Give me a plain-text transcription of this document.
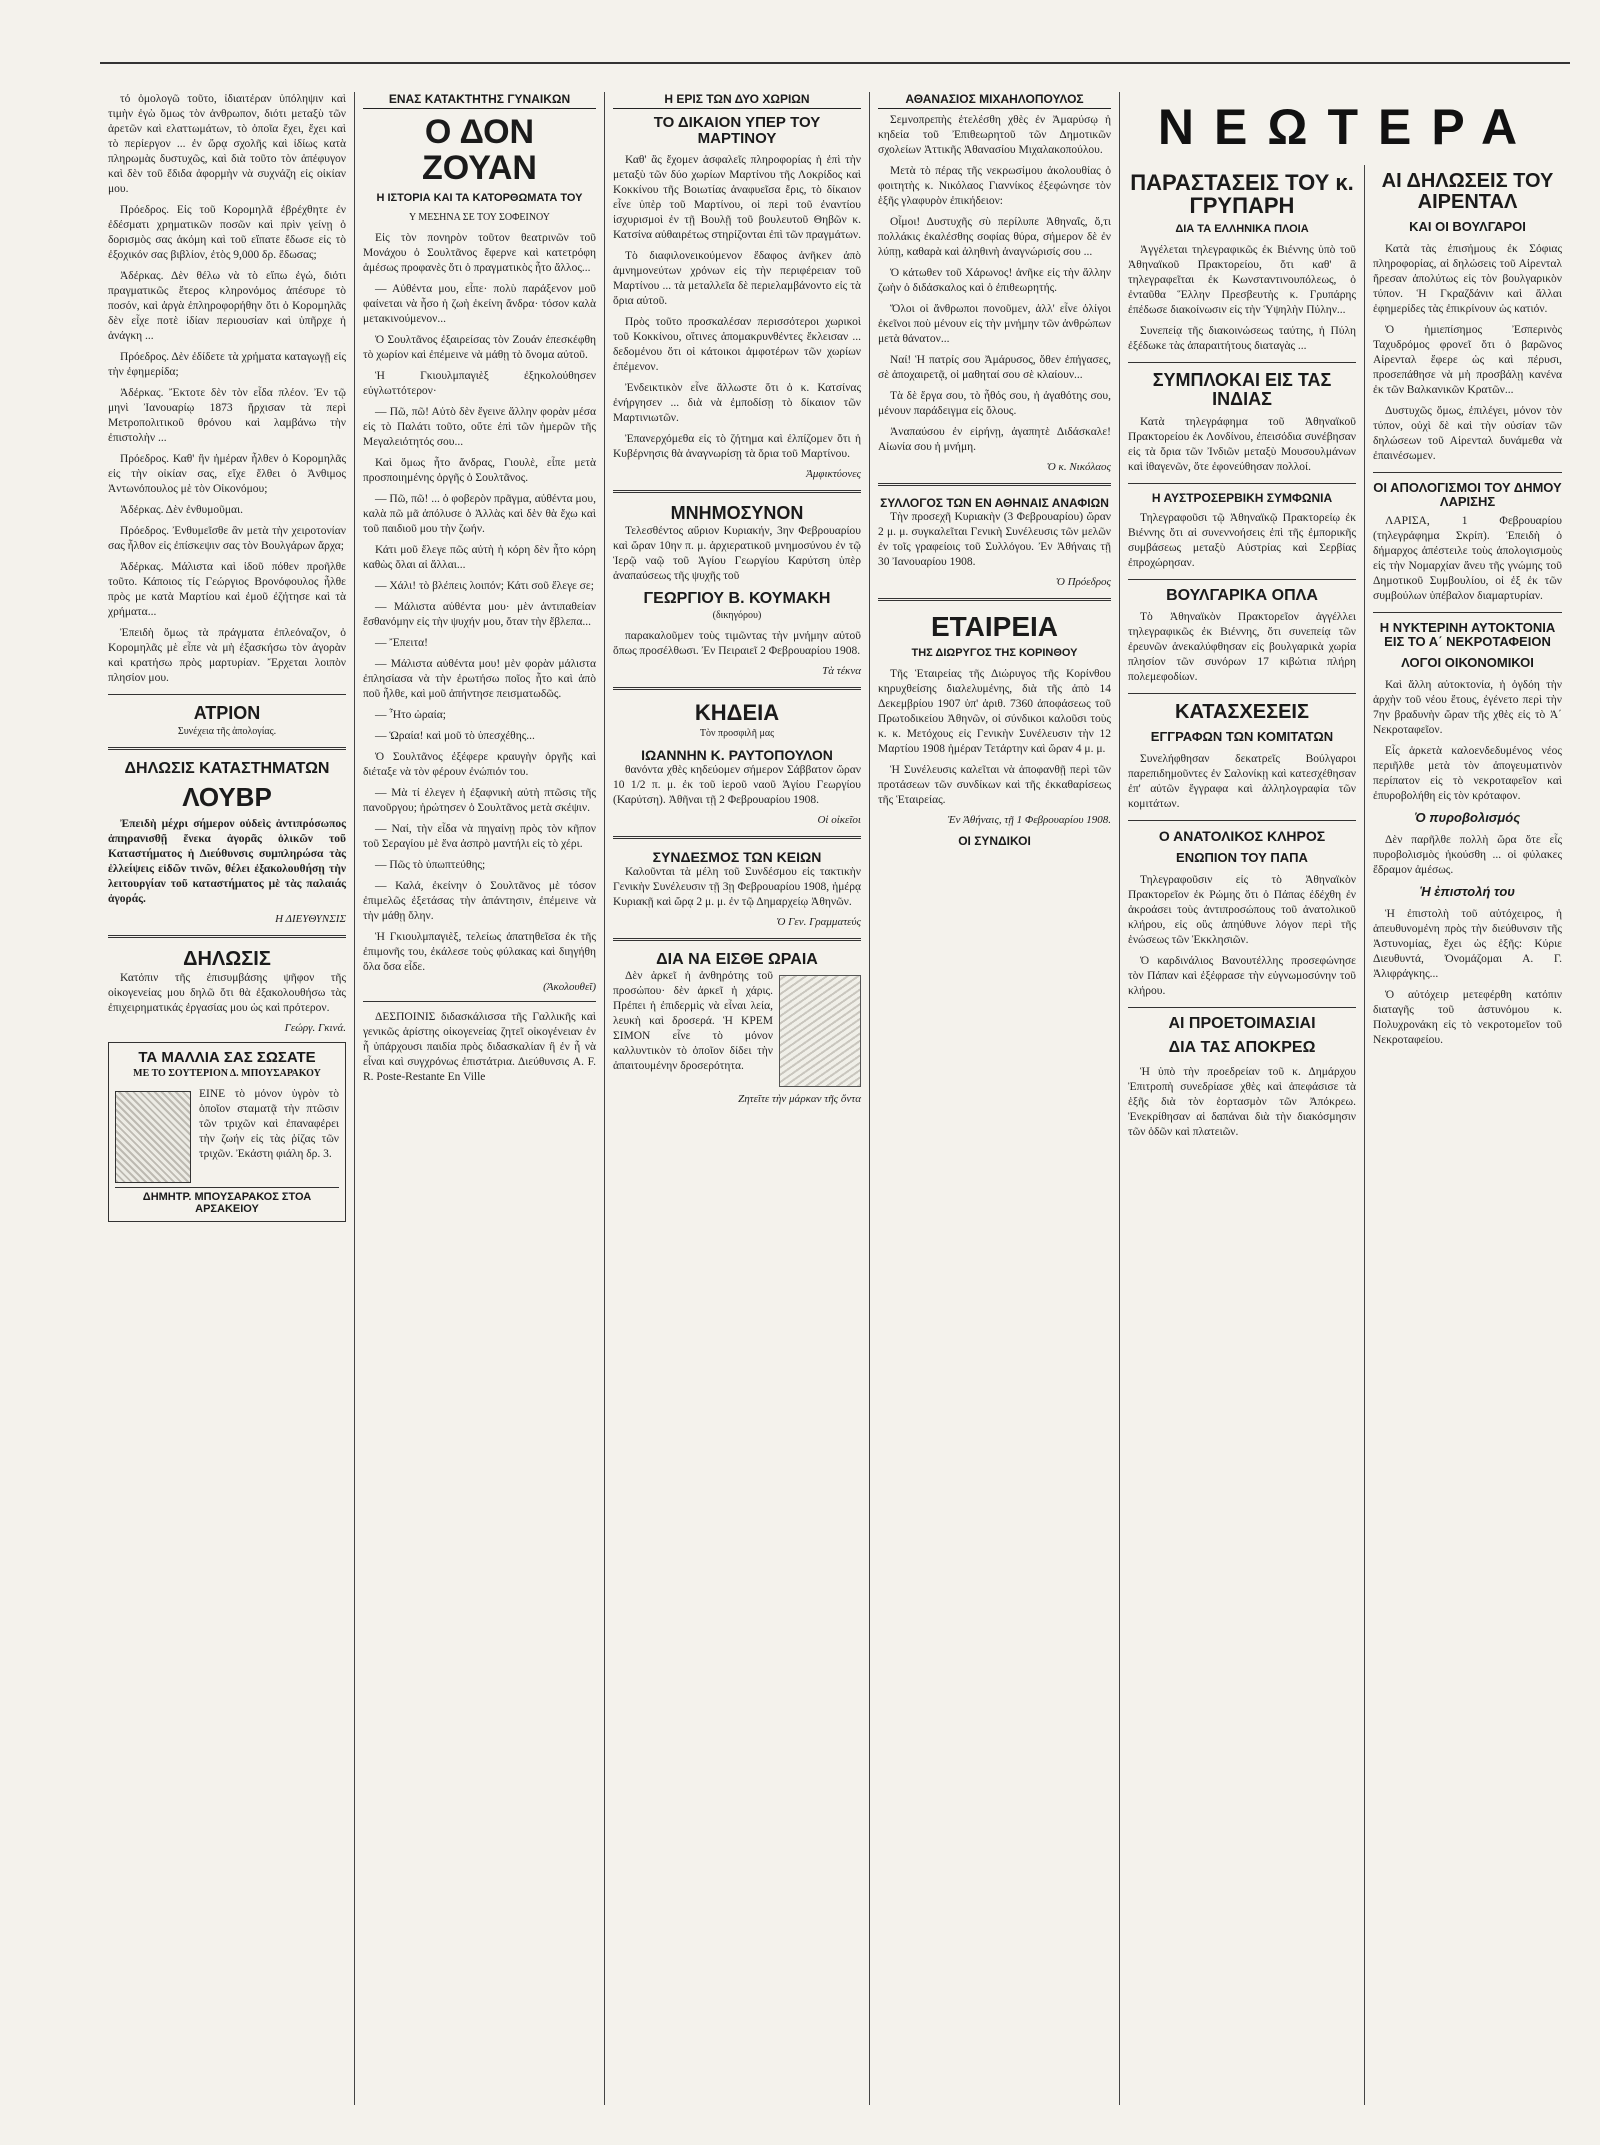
τό ὁμολογῶ τοῦτο, ἰδιαιτέραν ὑπόληψιν καὶ τιμὴν ἐγὼ ὅμως τὸν ἀνθρωπον, διότι μεταξὺ τῶν ἀρετῶν καὶ ελαττωμάτων, τὸ ὁποῖα ἔχει, ἔχει καὶ τὸ περίεργον ... ἐν ὥρᾳ σχολῆς καὶ ἰδίως κατὰ πληρωμὰς δυστυχῶς, καὶ διὰ τοῦτο τὸν ἀπέφυγον καὶ δὲν τοῦ ἔδιδα ἀφορμὴν νὰ συχνάζη εἰς οἰκίαν μου.

Πρόεδρος. Εἰς τοῦ Κορομηλᾶ ἐβρέχθητε ἐν ἐδέσματι χρηματικῶν ποσῶν καὶ πρὶν γείνῃ ὁ δορισμὸς σας ἀκόμη καὶ τοῦ εἴπατε ἔδωσε εἰς τὸ ἐξοχικόν σας βιβλίον, ἐτὸς 9,000 δρ. ἔδωσας;

Ἀδέρκας. Δὲν θέλω νὰ τὸ εἴπω ἐγώ, διότι πραγματικῶς ἔτερος κληρονόμος ἀπέσυρε τὸ ποσόν, καὶ ἀργὰ ἐπληροφορήθην ὅτι ὁ Κορομηλᾶς δὲν εἶχε ποτὲ ἰδίαν περιουσίαν καὶ ὑπῆρχε ἡ ἀνάγκη ...

Πρόεδρος. Δὲν ἐδίδετε τὰ χρήματα καταγωγῇ εἰς τὴν ἐφημερίδα;

Ἀδέρκας. Ἔκτοτε δὲν τὸν εἶδα πλέον. Ἐν τῷ μηνὶ Ἰανουαρίῳ 1873 ἤρχισαν τὰ περὶ Μετροπολιτικοῦ θρόνου καὶ λαμβάνω τὴν ἐπιστολὴν ...

Πρόεδρος. Καθ' ἣν ἡμέραν ἦλθεν ὁ Κορομηλᾶς εἰς τὴν οἰκίαν σας, εἴχε ἔλθει ὁ Ἀνθιμος Ἀντωνόπουλος μὲ τὸν Οἰκονόμου;

Ἀδέρκας. Δὲν ἐνθυμοῦμαι.

Πρόεδρος. Ἐνθυμεῖσθε ἂν μετὰ τὴν χειροτονίαν σας ἦλθον εἰς ἐπίσκεψιν σας τὸν Βουλγάρων ἄρχα;

Ἀδέρκας. Μάλιστα καὶ ἰδοῦ πόθεν προῆλθε τοῦτο. Κάποιος τίς Γεώργιος Βρονόφουλος ἦλθε πρὸς με κατὰ Μαρτίου καὶ ἐμοῦ ἐζήτησε καὶ τὰ χρήματα...

Ἐπειδὴ ὅμως τὰ πράγματα ἐπλεόναζον, ὁ Κορομηλᾶς μὲ εἶπε νὰ μὴ ἐξασκήσω τὸν ἀγορὰν καὶ κρατήσω πρὸς μαρτυρίαν. Ἔρχεται λοιπὸν πλησίον μου.

ΑΤΡΙΟΝ
Συνέχεια τῆς ἀπολογίας.
ΔΗΛΩΣΙΣ ΚΑΤΑΣΤΗΜΑΤΩΝ
ΛΟΥΒΡ

Ἐπειδὴ μέχρι σήμερον οὐδεὶς ἀντιπρόσωπος ἀπηρανισθῇ ἕνεκα ἀγορᾶς ὁλικῶν τοῦ Καταστήματος ἡ Διεύθυνσις συμπληρώσα τὰς ἐλλείψεις εἰδῶν τινῶν, θέλει ἐξακολουθήσῃ τὴν λειτουργίαν τοῦ καταστήματος μὲ τὰς παλαιάς ἀγοράς.

Η ΔΙΕΥΘΥΝΣΙΣ
ΔΗΛΩΣΙΣ

Κατόπιν τῆς ἐπισυμβάσης ψῆφον τῆς οἰκογενείας μου δηλῶ ὅτι θὰ ἐξακολουθήσω τὰς ἐπιχειρηματικάς ἐργασίας μου ὡς καὶ πρότερον.

Γεώργ. Γκινά.
ΤΑ ΜΑΛΛΙΑ ΣΑΣ ΣΩΣΑΤΕ
ΜΕ ΤΟ ΣΟΥΤΕΡΙΟΝ Δ. ΜΠΟΥΣΑΡΑΚΟΥ

ΕΙΝΕ τὸ μόνον ὑγρὸν τὸ ὁποῖον σταματᾷ τὴν πτῶσιν τῶν τριχῶν καὶ ἐπαναφέρει τὴν ζωήν εἰς τὰς ῥίζας τῶν τριχῶν. Ἐκάστη φιάλη δρ. 3.

ΔΗΜΗΤΡ. ΜΠΟΥΣΑΡΑΚΟΣ ΣΤΟΑ ΑΡΣΑΚΕΙΟΥ
ΕΝΑΣ ΚΑΤΑΚΤΗΤΗΣ ΓΥΝΑΙΚΩΝ
Ο ΔΟΝ ΖΟΥΑΝ
Η ΙΣΤΟΡΙΑ ΚΑΙ ΤΑ ΚΑΤΟΡΘΩΜΑΤΑ ΤΟΥ
Υ ΜΕΣΗΝΑ ΣΕ ΤΟΥ ΣΟΦΕΙΝΟΥ

Εἰς τὸν πονηρὸν τοῦτον θεατρινῶν τοῦ Μονάχου ὁ Σουλτᾶνος ἔφερνε καὶ κατετρόφη ἀμέσως προφανὲς ὅτι ὁ πραγματικὸς ἦτο ἄλλος...

— Αὐθέντα μου, εἶπε· πολὺ παράξενον μοῦ φαίνεται νὰ ἦσο ἡ ζωὴ ἐκείνη ἄνδρα· τόσον καλὰ μετακινούμενον...

Ὁ Σουλτᾶνος ἐξαιρείσας τὸν Ζουάν ἐπεσκέφθη τὸ χωρίον καὶ ἐπέμεινε νὰ μάθῃ τὸ ὄνομα αὐτοῦ.

Ἡ Γκιουλμπαγιὲξ ἐξηκολούθησεν εὐγλωττότερον·

— Πῶ, πῶ! Αὐτὸ δὲν ἔγεινε ἄλλην φορὰν μέσα εἰς τὸ Παλάτι τοῦτο, οὔτε ἐπὶ τῶν ἡμερῶν τῆς Μεγαλειότητός σου...

Καὶ ὅμως ἦτο ἄνδρας, Γιουλὲ, εἶπε μετὰ προσποιημένης ὀργῆς ὁ Σουλτᾶνος.

— Πῶ, πῶ! ... ὁ φοβερὸν πρᾶγμα, αὐθέντα μου, καλὰ πῶ μᾶ ἀπόλυσε ὁ Ἀλλὰς καὶ δὲν θὰ ἔχω καὶ τοῦ παιδιοῦ μου τὴν ζωήν.

Κάτι μοῦ ἔλεγε πῶς αὐτὴ ἡ κόρη δὲν ἦτο κόρη καθὼς ὅλαι αἱ ἄλλαι...

— Χάλι! τὸ βλέπεις λοιπόν; Κάτι σοῦ ἔλεγε σε;

— Μάλιστα αὐθέντα μου· μὲν ἀντιπαθείαν ἔσθανόμην εἰς τὴν ψυχήν μου, ὅταν τὴν ἔβλεπα...

— Ἔπειτα!

— Μάλιστα αὐθέντα μου! μὲν φορὰν μάλιστα ἐπλησίασα νὰ τὴν ἐρωτήσω ποῖος ἦτο καὶ ἀπὸ ποῦ ἦλθε, καὶ μοῦ ἀπήντησε πεισματωδῶς.

— Ἦτο ὡραία;

— Ὡραία! καὶ μοῦ τὸ ὑπεσχέθης...

Ὁ Σουλτᾶνος ἐξέφερε κραυγὴν ὀργῆς καὶ διέταξε νὰ τὸν φέρουν ἐνώπιόν του.

— Μὰ τί ἐλεγεν ἡ ἐξαφνικὴ αὐτὴ πτῶσις τῆς πανοῦργου; ἠρώτησεν ὁ Σουλτᾶνος μετὰ σκέψιν.

— Ναί, τὴν εἶδα νὰ πηγαίνῃ πρὸς τὸν κῆπον τοῦ Σεραγίου μὲ ἕνα ἀσπρὸ μαντήλι εἰς τὸ χέρι.

— Πῶς τὸ ὑπωπτεύθης;

— Καλά, ἐκείνην ὁ Σουλτᾶνος μὲ τόσον ἐπιμελῶς ἐξετάσας τὴν ἀπάντησιν, ἐπέμεινε νὰ τὴν μάθῃ ὅλην.

Ἡ Γκιουλμπαγιὲξ, τελείως ἀπατηθεῖσα ἐκ τῆς ἐπιμονῆς του, ἐκάλεσε τοὺς φύλακας καὶ διηγήθη ὅλα ὅσα εἶδε.

(Ἀκολουθεῖ)

ΔΕΣΠΟΙΝΙΣ διδασκάλισσα τῆς Γαλλικῆς καὶ γενικῶς ἀρίστης οἰκογενείας ζητεῖ οἰκογένειαν ἐν ἧ ὑπάρχουσι παιδία πρὸς διδασκαλίαν ἢ ἐν ἧ νὰ εἶναι καὶ συγχρόνως ἐπιστάτρια. Διεύθυνσις A. F. R. Poste-Restante En Ville

Η ΕΡΙΣ ΤΩΝ ΔΥΟ ΧΩΡΙΩΝ
ΤΟ ΔΙΚΑΙΟΝ ΥΠΕΡ ΤΟΥ ΜΑΡΤΙΝΟΥ

Καθ' ἃς ἔχομεν ἀσφαλεῖς πληροφορίας ἡ ἐπὶ τὴν μεταξὺ τῶν δύο χωρίων Μαρτίνου τῆς Λοκρίδος καὶ Κοκκίνου τῆς Βοιωτίας ἀναφυεῖσα ἔρις, τὸ δίκαιον εἶνε ὑπὲρ τοῦ Μαρτίνου, οἱ περὶ τοῦ ἐναντίου ἰσχυρισμοὶ ἐν τῇ Βουλῇ τοῦ βουλευτοῦ Θηβῶν κ. Κατσίνα αὐθαιρέτως στηρίζονται ἐπὶ τῶν πραγμάτων.

Τὸ διαφιλονεικούμενον ἔδαφος ἀνῆκεν ἀπὸ ἀμνημονεύτων χρόνων εἰς τὴν περιφέρειαν τοῦ Μαρτίνου ... τὰ μεταλλεῖα δὲ περιελαμβάνοντο εἰς τὰ ὅρια αὐτοῦ.

Πρὸς τοῦτο προσκαλέσαν περισσότεροι χωρικοὶ τοῦ Κοκκίνου, οἵτινες ἀπομακρυνθέντες ἔκλεισαν ... δεδομένου ὅτι οἱ κάτοικοι ἀμφοτέρων τῶν χωρίων ἐπέμενον.

Ἐνδεικτικὸν εἶνε ἄλλωστε ὅτι ὁ κ. Κατσίνας ἐνήργησεν ... διὰ νὰ ἐμποδίσῃ τὸ δίκαιον τῶν Μαρτινιωτῶν.

Ἐπανερχόμεθα εἰς τὸ ζήτημα καὶ ἐλπίζομεν ὅτι ἡ Κυβέρνησις θὰ ἀναγνωρίσῃ τὰ ὅρια τοῦ Μαρτίνου.

Ἀμφικτύονες
ΜΝΗΜΟΣΥΝΟΝ

Τελεσθέντος αὔριον Κυριακήν, 3ην Φεβρουαρίου καὶ ὥραν 10ην π. μ. ἀρχιερατικοῦ μνημοσύνου ἐν τῷ Ἱερῷ ναῷ τοῦ Ἁγίου Γεωργίου Καρύτση ὑπὲρ ἀναπαύσεως τῆς ψυχῆς τοῦ

ΓΕΩΡΓΙΟΥ Β. ΚΟΥΜΑΚΗ
(δικηγόρου)

παρακαλοῦμεν τοὺς τιμῶντας τὴν μνήμην αὐτοῦ ὅπως προσέλθωσι. Ἐν Πειραιεῖ 2 Φεβρουαρίου 1908.

Τὰ τέκνα
ΚΗΔΕΙΑ
Τὸν προσφιλῆ μας
ΙΩΑΝΝΗΝ Κ. ΡΑΥΤΟΠΟΥΛΟΝ

θανόντα χθὲς κηδεύομεν σήμερον Σάββατον ὥραν 10 1/2 π. μ. ἐκ τοῦ ἱεροῦ ναοῦ Ἁγίου Γεωργίου (Καρύτση). Ἀθῆναι τῇ 2 Φεβρουαρίου 1908.

Οἱ οἰκεῖοι
ΣΥΝΔΕΣΜΟΣ ΤΩΝ ΚΕΙΩΝ

Καλοῦνται τὰ μέλη τοῦ Συνδέσμου εἰς τακτικὴν Γενικὴν Συνέλευσιν τῇ 3ῃ Φεβρουαρίου 1908, ἡμέρᾳ Κυριακῇ καὶ ὥρᾳ 2 μ. μ. ἐν τῷ Δημαρχείῳ Ἀθηνῶν.

Ὁ Γεν. Γραμματεύς
ΔΙΑ ΝΑ ΕΙΣΘΕ ΩΡΑΙΑ

Δὲν ἀρκεῖ ἡ ἀνθηρότης τοῦ προσώπου· δὲν ἀρκεῖ ἡ χάρις. Πρέπει ἡ ἐπιδερμὶς νὰ εἶναι λεία, λευκὴ καὶ δροσερά. Ἡ ΚΡΕΜ ΣΙΜΟΝ εἶνε τὸ μόνον καλλυντικὸν τὸ ὁποῖον δίδει τὴν ἀπαιτουμένην δροσερότητα.

Ζητεῖτε τὴν μάρκαν τῆς ὄντα
ΑΘΑΝΑΣΙΟΣ ΜΙΧΑΗΛΟΠΟΥΛΟΣ

Σεμνοπρεπὴς ἐτελέσθη χθὲς ἐν Ἀμαρύσῳ ἡ κηδεία τοῦ Ἐπιθεωρητοῦ τῶν Δημοτικῶν σχολείων Ἀττικῆς Ἀθανασίου Μιχαλακοπούλου.

Μετὰ τὸ πέρας τῆς νεκρωσίμου ἀκολουθίας ὁ φοιτητὴς κ. Νικόλαος Γιαννίκος ἐξεφώνησε τὸν ἑξῆς γλαφυρὸν ἐπικήδειον:

Οἶμοι! Δυστυχῆς σὺ περίλυπε Ἀθηναΐς, ὅ,τι πολλάκις ἐκαλέσθης σοφίας θύρα, σήμερον δὲ ἐν λύπῃ, καθαρὰ καὶ ἀληθινὴ ἀναγνώρισίς σου ...

Ὁ κάτωθεν τοῦ Χάρωνος! ἀνῆκε εἰς τὴν ἄλλην ζωὴν ὁ διδάσκαλος καὶ ὁ ἐπιθεωρητής.

Ὅλοι οἱ ἄνθρωποι πονοῦμεν, ἀλλ' εἶνε ὀλίγοι ἐκεῖνοι ποὺ μένουν εἰς τὴν μνήμην τῶν ἀνθρώπων μετὰ θάνατον...

Ναί! Ἡ πατρίς σου Ἀμάρυσος, ὅθεν ἐπήγασες, σὲ ἀποχαιρετᾷ, οἱ μαθηταί σου σὲ κλαίουν...

Τὰ δὲ ἔργα σου, τὸ ἦθός σου, ἡ ἀγαθότης σου, μένουν παράδειγμα εἰς ὅλους.

Ἀναπαύσου ἐν εἰρήνῃ, ἀγαπητὲ Διδάσκαλε! Αἰωνία σου ἡ μνήμη.

Ὁ κ. Νικόλαος
ΣΥΛΛΟΓΟΣ ΤΩΝ ΕΝ ΑΘΗΝΑΙΣ ΑΝΑΦΙΩΝ

Τὴν προσεχῆ Κυριακὴν (3 Φεβρουαρίου) ὥραν 2 μ. μ. συγκαλεῖται Γενικὴ Συνέλευσις τῶν μελῶν ἐν τοῖς γραφείοις τοῦ Συλλόγου. Ἐν Ἀθήναις τῇ 30 Ἰανουαρίου 1908.

Ὁ Πρόεδρος
ΕΤΑΙΡΕΙΑ
ΤΗΣ ΔΙΩΡΥΓΟΣ ΤΗΣ ΚΟΡΙΝΘΟΥ

Τῆς Ἑταιρείας τῆς Διώρυγος τῆς Κορίνθου κηρυχθείσης διαλελυμένης, διὰ τῆς ἀπὸ 14 Δεκεμβρίου 1907 ὑπ' ἀριθ. 7360 ἀποφάσεως τοῦ Πρωτοδικείου Ἀθηνῶν, οἱ σύνδικοι καλοῦσι τοὺς κ. κ. Μετόχους εἰς Γενικὴν Συνέλευσιν τὴν 12 Μαρτίου 1908 ἡμέραν Τετάρτην καὶ ὥραν 4 μ. μ.

Ἡ Συνέλευσις καλεῖται νὰ ἀποφανθῇ περὶ τῶν προτάσεων τῶν συνδίκων καὶ τῆς ἐκκαθαρίσεως τῆς Ἑταιρείας.

Ἐν Ἀθήναις, τῇ 1 Φεβρουαρίου 1908.
ΟΙ ΣΥΝΔΙΚΟΙ
ΝΕΩΤΕΡΑ
ΠΑΡΑΣΤΑΣΕΙΣ ΤΟΥ κ. ΓΡΥΠΑΡΗ
ΔΙΑ ΤΑ ΕΛΛΗΝΙΚΑ ΠΛΟΙΑ

Ἀγγέλεται τηλεγραφικῶς ἐκ Βιέννης ὑπὸ τοῦ Ἀθηναϊκοῦ Πρακτορείου, ὅτι καθ' ἃ τηλεγραφεῖται ἐκ Κωνσταντινουπόλεως, ὁ ἐνταῦθα Ἕλλην Πρεσβευτὴς κ. Γρυπάρης ἐπέδωσε διακοίνωσιν εἰς τὴν Ὑψηλὴν Πύλην...

Συνεπείᾳ τῆς διακοινώσεως ταύτης, ἡ Πύλη ἐξέδωκε τὰς ἀπαραιτήτους διαταγὰς ...

ΣΥΜΠΛΟΚΑΙ ΕΙΣ ΤΑΣ ΙΝΔΙΑΣ

Κατὰ τηλεγράφημα τοῦ Ἀθηναϊκοῦ Πρακτορείου ἐκ Λονδίνου, ἐπεισόδια συνέβησαν εἰς τὰ ὅρια τῶν Ἰνδιῶν μεταξὺ Μουσουλμάνων καὶ ἰθαγενῶν, ὅτε ἐφονεύθησαν πολλοί.

Η ΑΥΣΤΡΟΣΕΡΒΙΚΗ ΣΥΜΦΩΝΙΑ

Τηλεγραφοῦσι τῷ Ἀθηναϊκῷ Πρακτορείῳ ἐκ Βιέννης ὅτι αἱ συνεννοήσεις ἐπὶ τῆς ἐμπορικῆς συμβάσεως μεταξὺ Αὐστρίας καὶ Σερβίας ἐπροχώρησαν.

ΒΟΥΛΓΑΡΙΚΑ ΟΠΛΑ

Τὸ Ἀθηναϊκὸν Πρακτορεῖον ἀγγέλλει τηλεγραφικῶς ἐκ Βιέννης, ὅτι συνεπείᾳ τῶν ἐρευνῶν ἀνεκαλύφθησαν εἰς βουλγαρικὰ χωρία πλησίον τῶν συνόρων 17 κιβώτια πλήρη πολεμεφοδίων.

ΚΑΤΑΣΧΕΣΕΙΣ
ΕΓΓΡΑΦΩΝ ΤΩΝ ΚΟΜΙΤΑΤΩΝ

Συνελήφθησαν δεκατρεῖς Βούλγαροι παρεπιδημοῦντες ἐν Σαλονίκῃ καὶ κατεσχέθησαν ἐπ' αὐτῶν ἔγγραφα καὶ ἀλληλογραφία τῶν κομιτάτων.

Ο ΑΝΑΤΟΛΙΚΟΣ ΚΛΗΡΟΣ
ΕΝΩΠΙΟΝ ΤΟΥ ΠΑΠΑ

Τηλεγραφοῦσιν εἰς τὸ Ἀθηναϊκὸν Πρακτορεῖον ἐκ Ρώμης ὅτι ὁ Πάπας ἐδέχθη ἐν ἀκροάσει τοὺς ἀντιπροσώπους τοῦ ἀνατολικοῦ κλήρου, εἰς οὓς ἀπηύθυνε λόγον περὶ τῆς ἑνώσεως τῶν Ἐκκλησιῶν.

Ὁ καρδινάλιος Βανουτέλλης προσεφώνησε τὸν Πάπαν καὶ ἐξέφρασε τὴν εὐγνωμοσύνην τοῦ κλήρου.

ΑΙ ΠΡΟΕΤΟΙΜΑΣΙΑΙ
ΔΙΑ ΤΑΣ ΑΠΟΚΡΕΩ

Ἡ ὑπὸ τὴν προεδρείαν τοῦ κ. Δημάρχου Ἐπιτροπὴ συνεδρίασε χθὲς καὶ ἀπεφάσισε τὰ ἑξῆς διὰ τὸν ἑορτασμὸν τῶν Ἀπόκρεω. Ἐνεκρίθησαν αἱ δαπάναι διὰ τὴν διακόσμησιν τῶν ὁδῶν καὶ πλατειῶν.

ΑΙ ΔΗΛΩΣΕΙΣ ΤΟΥ ΑΙΡΕΝΤΑΛ
ΚΑΙ ΟΙ ΒΟΥΛΓΑΡΟΙ

Κατὰ τὰς ἐπισήμους ἐκ Σόφιας πληροφορίας, αἱ δηλώσεις τοῦ Αἰρενταλ ἤρεσαν ἀπολύτως εἰς τὸν βουλγαρικὸν τύπον. Ἡ Γκραζδάνιν καὶ ἄλλαι ἐφημερίδες τὰς ἐπικρίνουν ὡς κατιόν.

Ὁ ἡμιεπίσημος Ἐσπερινὸς Ταχυδρόμος φρονεῖ ὅτι ὁ βαρῶνος Αἰρενταλ ἔφερε ὡς καὶ πέρυσι, προσεπάθησε νὰ μὴ προσβάλῃ κανένα ἐκ τῶν Βαλκανικῶν Κρατῶν...

Δυστυχῶς ὅμως, ἐπιλέγει, μόνον τὸν τύπον, οὐχὶ δὲ καὶ τὴν οὐσίαν τῶν δηλώσεων τοῦ Αἰρενταλ δυνάμεθα νὰ ἐπαινέσωμεν.

ΟΙ ΑΠΟΛΟΓΙΣΜΟΙ ΤΟΥ ΔΗΜΟΥ ΛΑΡΙΣΗΣ

ΛΑΡΙΣΑ, 1 Φεβρουαρίου (τηλεγράφημα Σκρίπ). Ἐπειδὴ ὁ δήμαρχος ἀπέστειλε τοὺς ἀπολογισμοὺς εἰς τὴν Νομαρχίαν ἄνευ τῆς γνώμης τοῦ Δημοτικοῦ Συμβουλίου, οἱ ἐξ ἐκ τῶν συμβούλων ὑπέβαλον διαμαρτυρίαν.

Η ΝΥΚΤΕΡΙΝΗ ΑΥΤΟΚΤΟΝΙΑ ΕΙΣ ΤΟ Α΄ ΝΕΚΡΟΤΑΦΕΙΟΝ
ΛΟΓΟΙ ΟΙΚΟΝΟΜΙΚΟΙ

Καὶ ἄλλη αὐτοκτονία, ἡ ὀγδόη τὴν ἀρχὴν τοῦ νέου ἔτους, ἐγένετο περὶ τὴν 7ην βραδυνὴν ὥραν τῆς χθὲς εἰς τὸ Ἀ΄ Νεκροταφεῖον.

Εἷς ἀρκετὰ καλοενδεδυμένος νέος περιῆλθε μετὰ τὸν ἀπογευματινὸν περίπατον εἰς τὸ νεκροταφεῖον καὶ ἐπυροβολήθη εἰς τὸν κρόταφον.

Ὁ πυροβολισμός

Δὲν παρῆλθε πολλὴ ὥρα ὅτε εἷς πυροβολισμὸς ἠκούσθη ... οἱ φύλακες ἔδραμον ἀμέσως.

Ἡ ἐπιστολή του

Ἡ ἐπιστολὴ τοῦ αὐτόχειρος, ἡ ἀπευθυνομένη πρὸς τὴν διεύθυνσιν τῆς Ἀστυνομίας, ἔχει ὡς ἑξῆς: Κύριε Διευθυντά, Ὀνομάζομαι Α. Γ. Ἀλιφράγκης...

Ὁ αὐτόχειρ μετεφέρθη κατόπιν διαταγῆς τοῦ ἀστυνόμου κ. Πολυχρονάκη εἰς τὸ νεκροτομεῖον τοῦ Νεκροταφείου.
